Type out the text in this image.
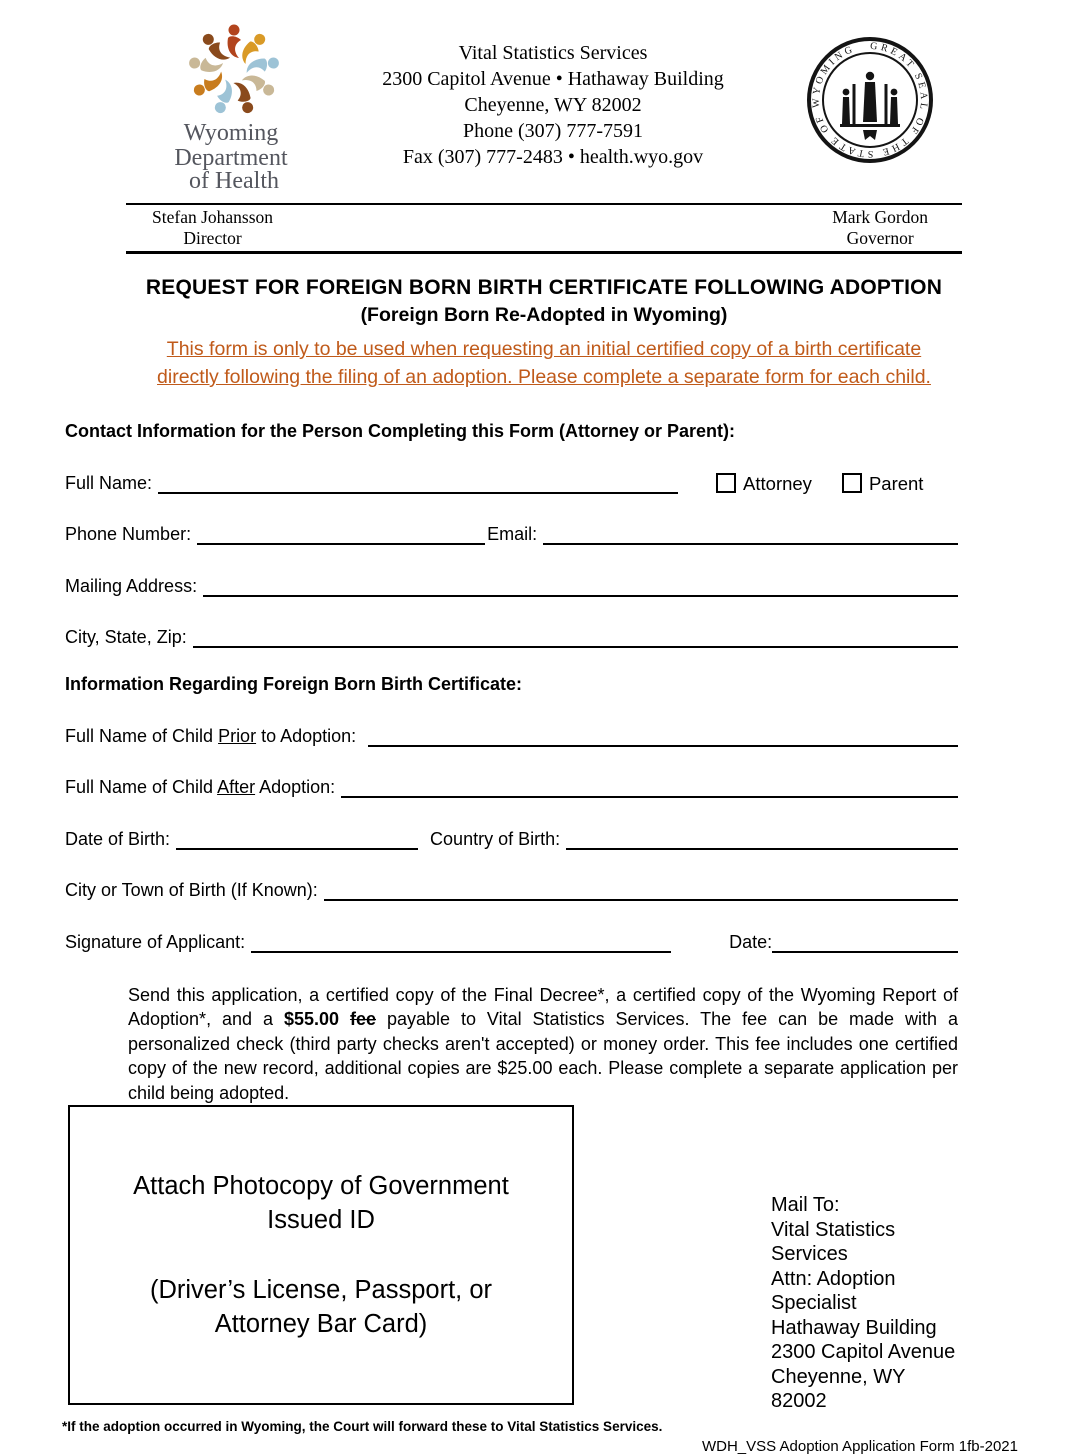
Wyoming Department of Health
Vital Statistics Services
2300 Capitol Avenue • Hathaway Building
Cheyenne, WY 82002
Phone (307) 777-7591
Fax (307) 777-2483 • health.wyo.gov
GREAT SEAL OF THE STATE OF WYOMING
Stefan Johansson
Director
Mark Gordon
Governor
REQUEST FOR FOREIGN BORN BIRTH CERTIFICATE FOLLOWING ADOPTION
(Foreign Born Re-Adopted in Wyoming)
This form is only to be used when requesting an initial certified copy of a birth certificate
directly following the filing of an adoption. Please complete a separate form for each child.
Contact Information for the Person Completing this Form (Attorney or Parent):
Full Name:	Attorney	Parent
Phone Number:	Email:
Mailing Address:
City, State, Zip:
Information Regarding Foreign Born Birth Certificate:
Full Name of Child Prior to Adoption:
Full Name of Child After Adoption:
Date of Birth:	Country of Birth:
City or Town of Birth (If Known):
Signature of Applicant:	Date:
Send this application, a certified copy of the Final Decree*, a certified copy of the Wyoming Report of Adoption*, and a $55.00 fee payable to Vital Statistics Services. The fee can be made with a personalized check (third party checks aren't accepted) or money order. This fee includes one certified copy of the new record, additional copies are $25.00 each. Please complete a separate application per child being adopted.
Attach Photocopy of Government Issued ID
(Driver’s License, Passport, or Attorney Bar Card)
Mail To:
Vital Statistics Services
Attn: Adoption Specialist
Hathaway Building
2300 Capitol Avenue
Cheyenne, WY 82002
*If the adoption occurred in Wyoming, the Court will forward these to Vital Statistics Services.
WDH_VSS Adoption Application Form 1fb-2021
